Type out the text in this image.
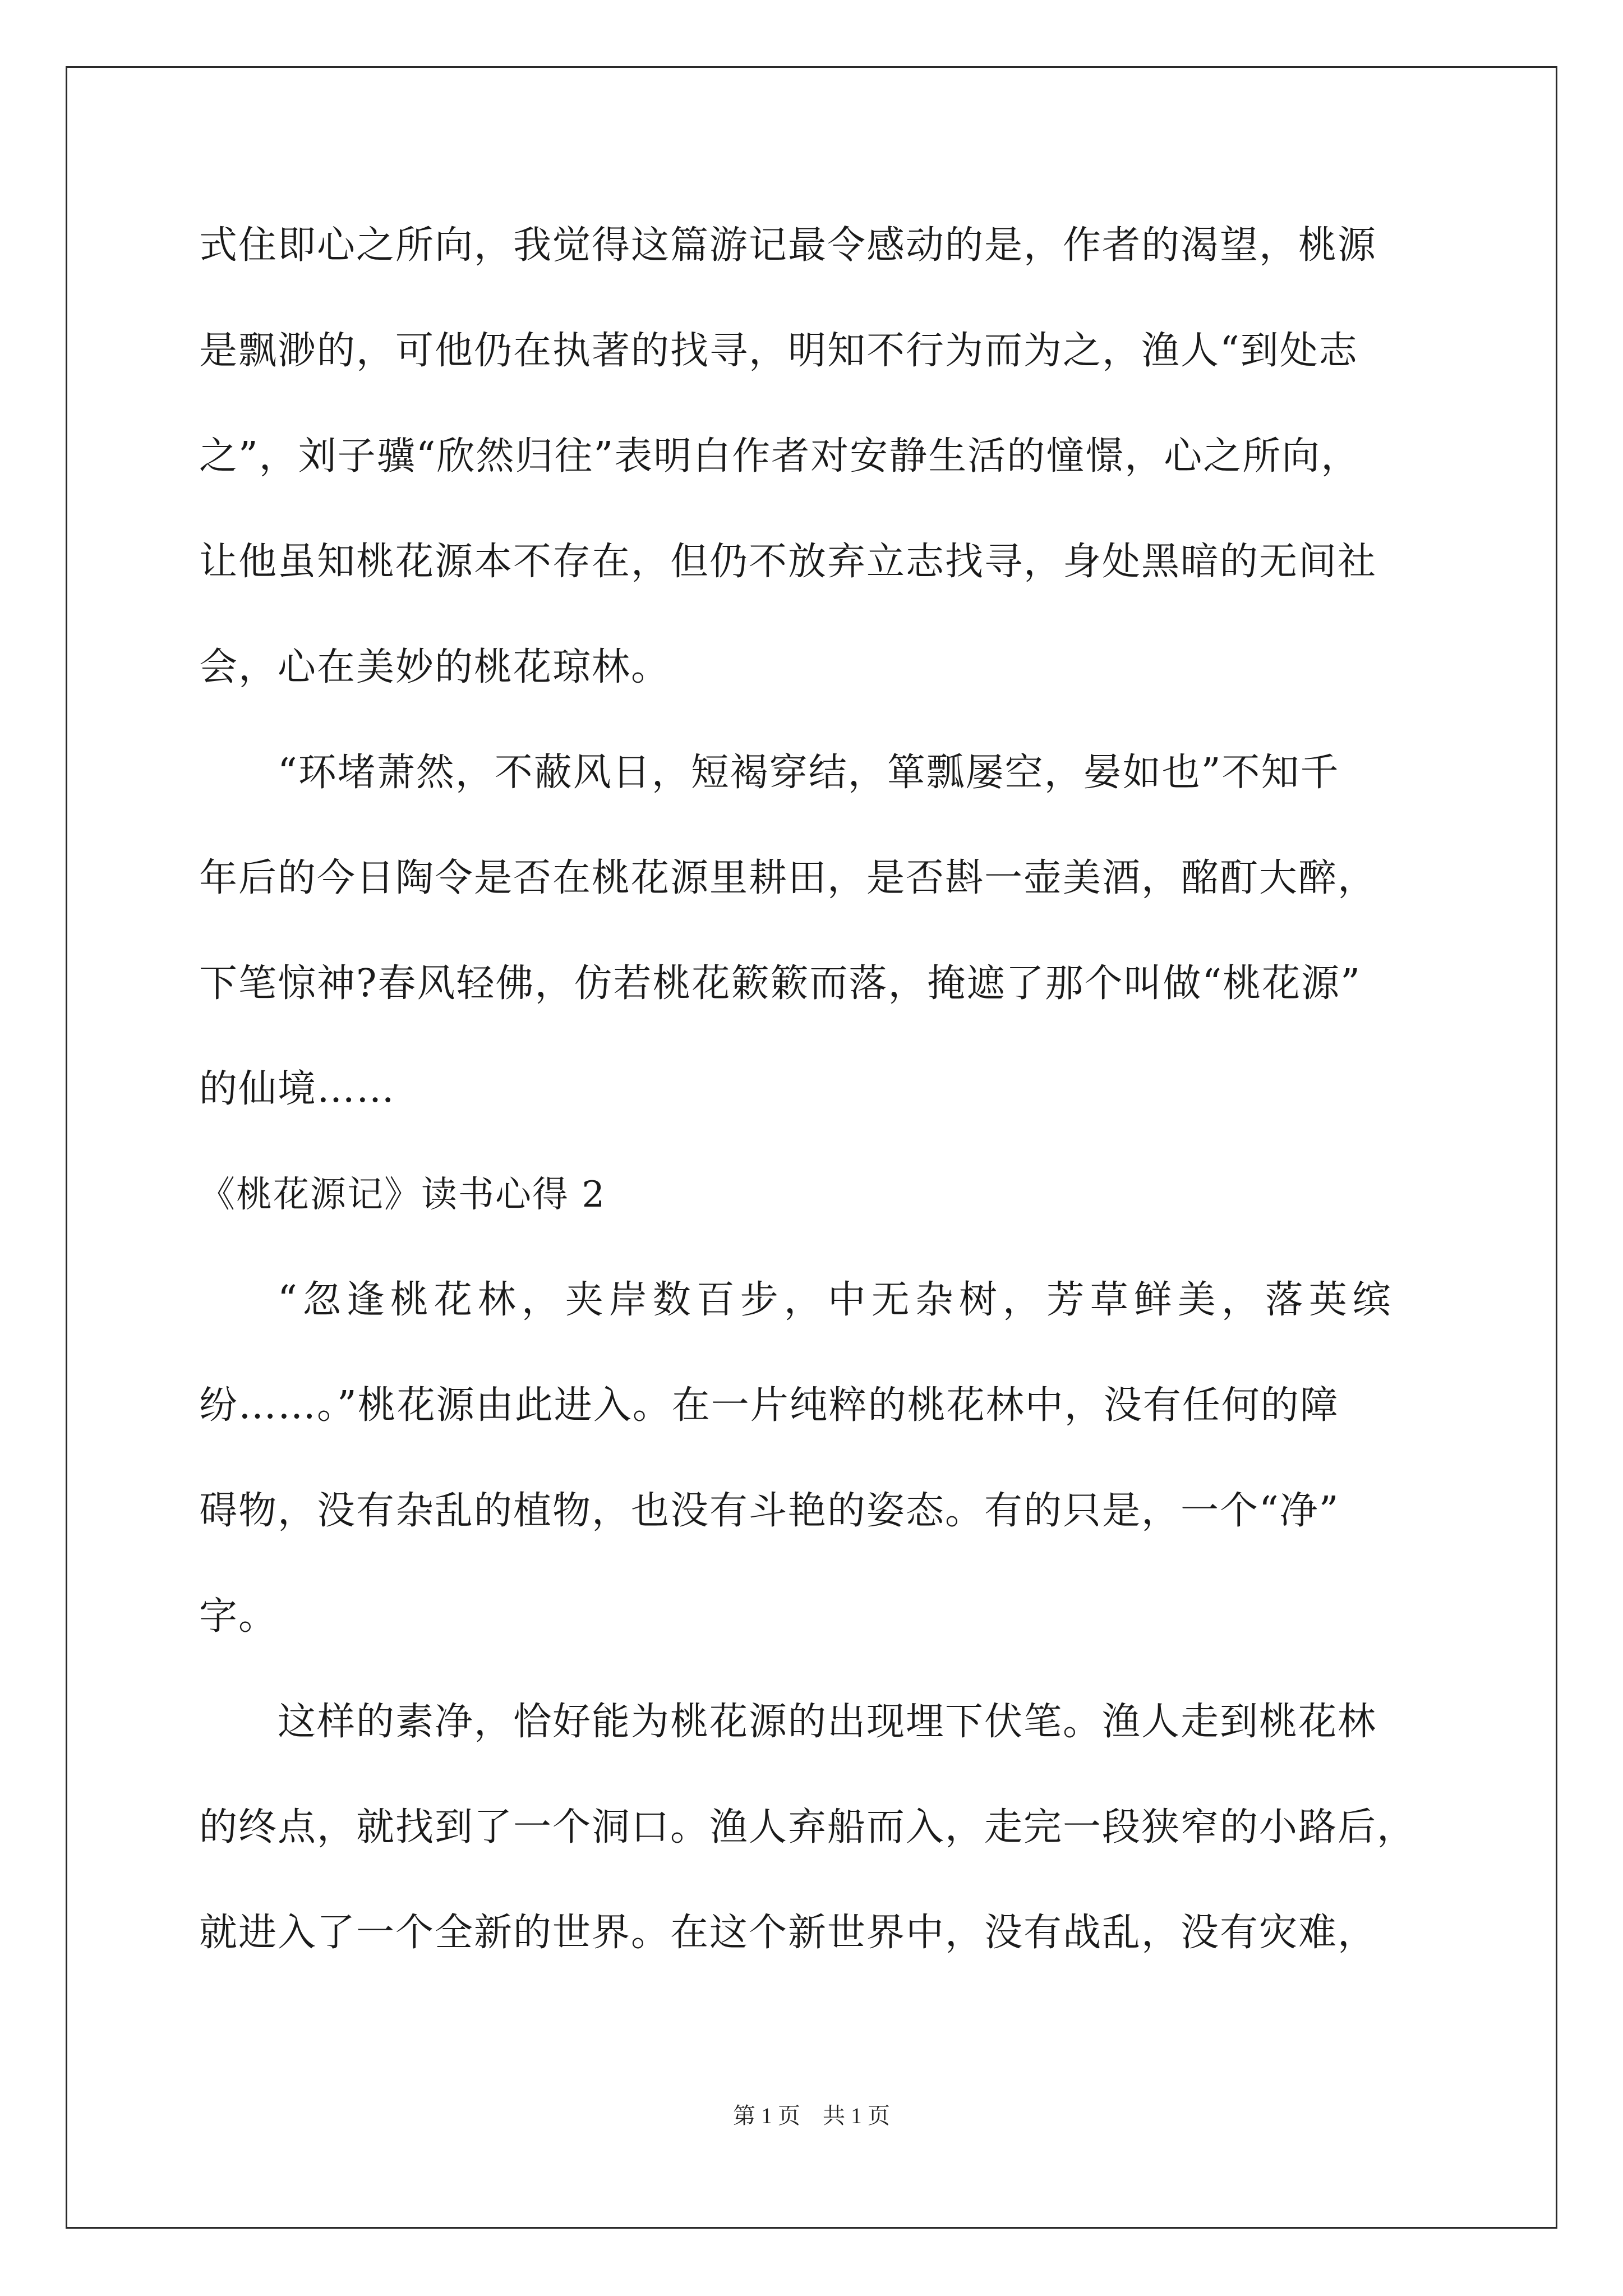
式住即心之所向，我觉得这篇游记最令感动的是，作者的渴望，桃源
是飘渺的，可他仍在执著的找寻，明知不行为而为之，渔人“到处志
之”，刘子骥“欣然归往”表明白作者对安静生活的憧憬，心之所向，
让他虽知桃花源本不存在，但仍不放弃立志找寻，身处黑暗的无间社
会，心在美妙的桃花琼林。
“环堵萧然，不蔽风日，短褐穿结，箪瓢屡空，晏如也”不知千
年后的今日陶令是否在桃花源里耕田，是否斟一壶美酒，酩酊大醉，
下笔惊神?春风轻佛，仿若桃花簌簌而落，掩遮了那个叫做“桃花源”
的仙境……
《桃花源记》读书心得 2
“忽逢桃花林，夹岸数百步，中无杂树，芳草鲜美，落英缤
纷……。”桃花源由此进入。在一片纯粹的桃花林中，没有任何的障
碍物，没有杂乱的植物，也没有斗艳的姿态。有的只是，一个“净”
字。
这样的素净，恰好能为桃花源的出现埋下伏笔。渔人走到桃花林
的终点，就找到了一个洞口。渔人弃船而入，走完一段狭窄的小路后，
就进入了一个全新的世界。在这个新世界中，没有战乱，没有灾难，
第 1 页　共 1 页
